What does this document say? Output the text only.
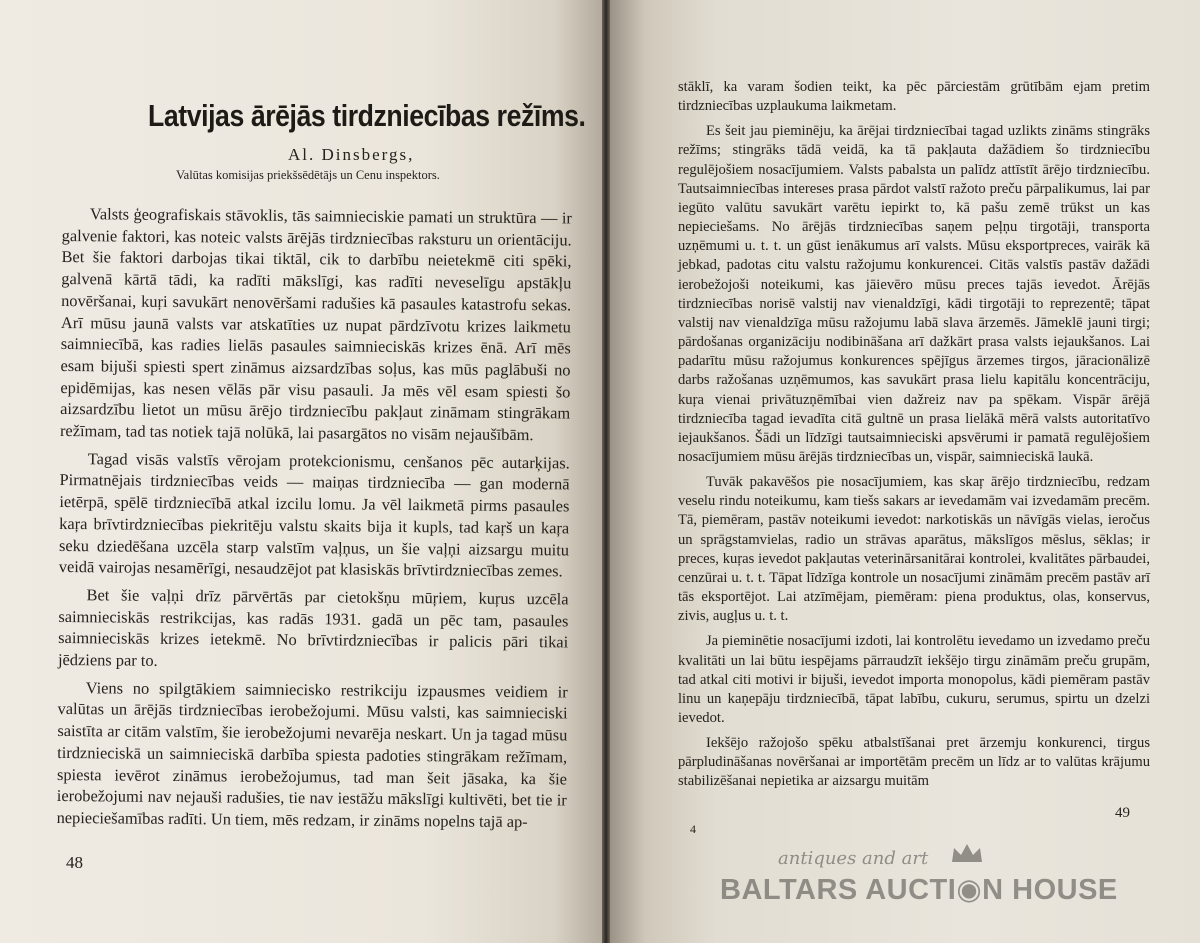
Latvijas ārējās tirdzniecības režīms.
Al. Dinsbergs,
Valūtas komisijas priekšsēdētājs un Cenu inspektors.

Valsts ģeografiskais stāvoklis, tās saimnieciskie pamati un struktūra — ir galvenie faktori, kas noteic valsts ārējās tirdzniecības raksturu un orientāciju. Bet šie faktori darbojas tikai tiktāl, cik to darbību neietekmē citi spēki, galvenā kārtā tādi, ka radīti mākslīgi, kas radīti neveselīgu apstākļu novēršanai, kuŗi savukārt nenovēršami radušies kā pasaules katastrofu sekas. Arī mūsu jaunā valsts var atskatīties uz nupat pārdzīvotu krizes laikmetu saimniecībā, kas radies lielās pasaules saimnieciskās krizes ēnā. Arī mēs esam bijuši spiesti spert zināmus aizsardzības soļus, kas mūs paglābuši no epidēmijas, kas nesen vēlās pār visu pasauli. Ja mēs vēl esam spiesti šo aizsardzību lietot un mūsu ārējo tirdzniecību pakļaut zināmam stingrākam režīmam, tad tas notiek tajā nolūkā, lai pasargātos no visām nejaušībām.

Tagad visās valstīs vērojam protekcionismu, cenšanos pēc autarķijas. Pirmatnējais tirdzniecības veids — maiņas tirdzniecība — gan modernā ietērpā, spēlē tirdzniecībā atkal izcilu lomu. Ja vēl laikmetā pirms pasaules kaŗa brīvtirdzniecības piekritēju valstu skaits bija it kupls, tad kaŗš un kaŗa seku dziedēšana uzcēla starp valstīm vaļņus, un šie vaļņi aizsargu muitu veidā vairojas nesamērīgi, nesaudzējot pat klasiskās brīvtirdzniecības zemes.

Bet šie vaļņi drīz pārvērtās par cietokšņu mūŗiem, kuŗus uzcēla saimnieciskās restrikcijas, kas radās 1931. gadā un pēc tam, pasaules saimnieciskās krizes ietekmē. No brīvtirdzniecības ir palicis pāri tikai jēdziens par to.

Viens no spilgtākiem saimniecisko restrikciju izpausmes veidiem ir valūtas un ārējās tirdzniecības ierobežojumi. Mūsu valsti, kas saimnieciski saistīta ar citām valstīm, šie ierobežojumi nevarēja neskart. Un ja tagad mūsu tirdznieciskā un saimnieciskā darbība spiesta padoties stingrākam režīmam, spiesta ievērot zināmus ierobežojumus, tad man šeit jāsaka, ka šie ierobežojumi nav nejauši radušies, tie nav iestāžu mākslīgi kultivēti, bet tie ir nepieciešamības radīti. Un tiem, mēs redzam, ir zināms nopelns tajā ap-

48

stāklī, ka varam šodien teikt, ka pēc pārciestām grūtībām ejam pretim tirdzniecības uzplaukuma laikmetam.

Es šeit jau pieminēju, ka ārējai tirdzniecībai tagad uzlikts zināms stingrāks režīms; stingrāks tādā veidā, ka tā pakļauta dažādiem šo tirdzniecību regulējošiem nosacījumiem. Valsts pabalsta un palīdz attīstīt ārējo tirdzniecību. Tautsaimniecības intereses prasa pārdot valstī ražoto preču pārpalikumus, lai par iegūto valūtu savukārt varētu iepirkt to, kā pašu zemē trūkst un kas nepieciešams. No ārējās tirdzniecības saņem peļņu tirgotāji, transporta uzņēmumi u. t. t. un gūst ienākumus arī valsts. Mūsu eksportpreces, vairāk kā jebkad, padotas citu valstu ražojumu konkurencei. Citās valstīs pastāv dažādi ierobežojoši noteikumi, kas jāievēro mūsu preces tajās ievedot. Ārējās tirdzniecības norisē valstij nav vienaldzīgi, kādi tirgotāji to reprezentē; tāpat valstij nav vienaldzīga mūsu ražojumu labā slava ārzemēs. Jāmeklē jauni tirgi; pārdošanas organizāciju nodibināšana arī dažkārt prasa valsts iejaukšanos. Lai padarītu mūsu ražojumus konkurences spējīgus ārzemes tirgos, jāracionālizē darbs ražošanas uzņēmumos, kas savukārt prasa lielu kapitālu koncentrāciju, kuŗa vienai privātuzņēmībai vien dažreiz nav pa spēkam. Vispār ārējā tirdzniecība tagad ievadīta citā gultnē un prasa lielākā mērā valsts autoritatīvo iejaukšanos. Šādi un līdzīgi tautsaimnieciski apsvērumi ir pamatā regulējošiem nosacījumiem mūsu ārējās tirdzniecības un, vispār, saimnieciskā laukā.

Tuvāk pakavēšos pie nosacījumiem, kas skaŗ ārējo tirdzniecību, redzam veselu rindu noteikumu, kam tiešs sakars ar ievedamām vai izvedamām precēm. Tā, piemēram, pastāv noteikumi ievedot: narkotiskās un nāvīgās vielas, ieročus un sprāgstamvielas, radio un strāvas aparātus, mākslīgos mēslus, sēklas; ir preces, kuŗas ievedot pakļautas veterinārsanitārai kontrolei, kvalitātes pārbaudei, cenzūrai u. t. t. Tāpat līdzīga kontrole un nosacījumi zināmām precēm pastāv arī tās eksportējot. Lai atzīmējam, piemēram: piena produktus, olas, konservus, zivis, augļus u. t. t.

Ja pieminētie nosacījumi izdoti, lai kontrolētu ievedamo un izvedamo preču kvalitāti un lai būtu iespējams pārraudzīt iekšējo tirgu zināmām preču grupām, tad atkal citi motivi ir bijuši, ievedot importa monopolus, kādi piemēram pastāv linu un kaņepāju tirdzniecībā, tāpat labību, cukuru, serumus, spirtu un dzelzi ievedot.

Iekšējo ražojošo spēku atbalstīšanai pret ārzemju konkurenci, tirgus pārpludināšanas novēršanai ar importētām precēm un līdz ar to valūtas krājumu stabilizēšanai nepietika ar aizsargu muitām

49
4
antiques and art
BALTARS AUCTI◉N HOUSE
